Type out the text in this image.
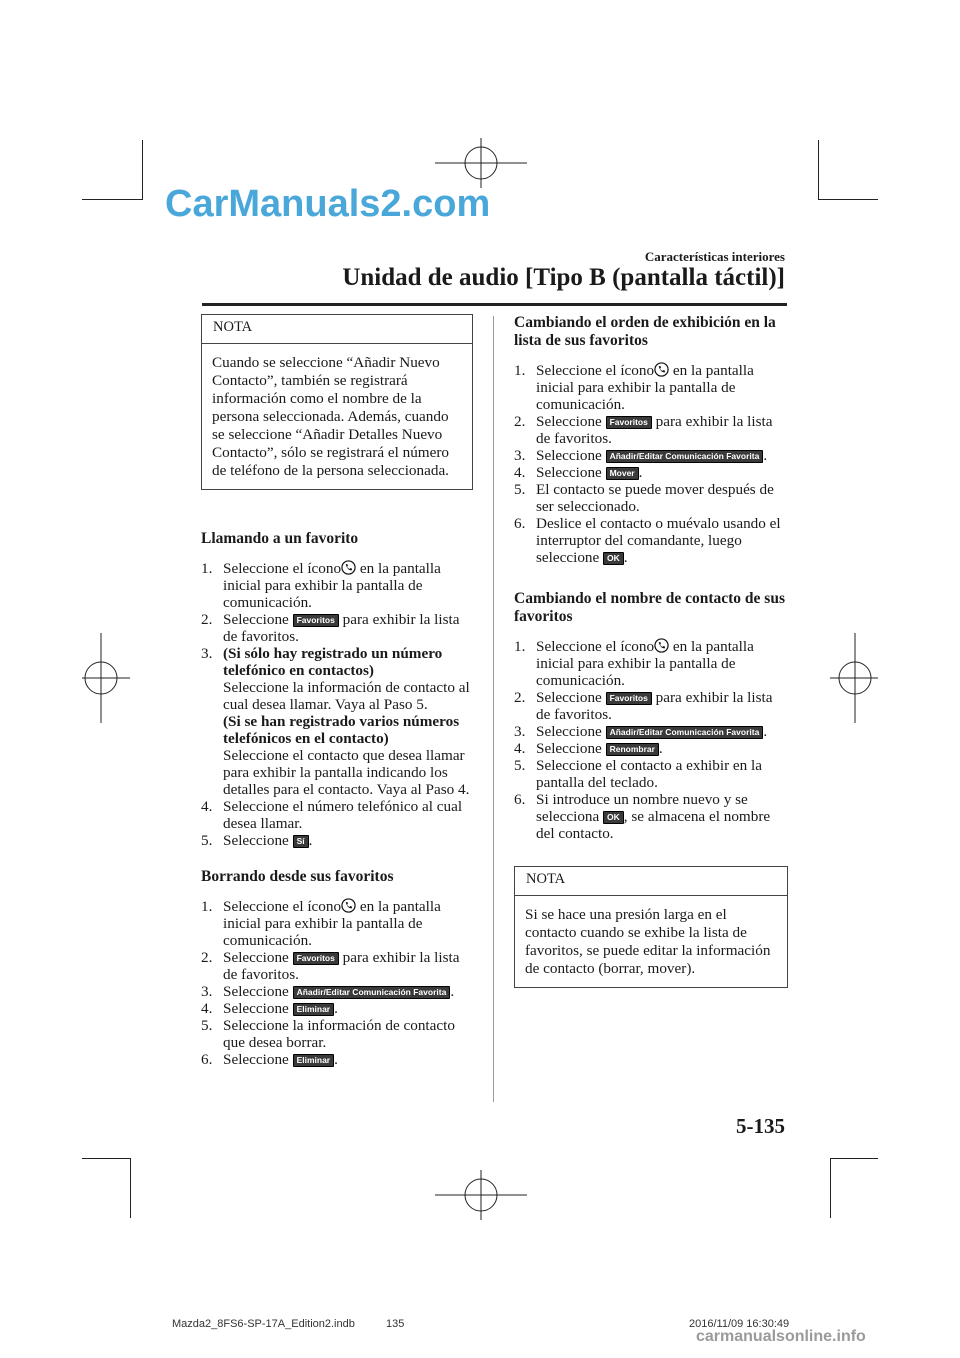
CarManuals2.com
carmanualsonline.info
Características interiores
Unidad de audio [Tipo B (pantalla táctil)]
NOTA
Cuando se seleccione “Añadir Nuevo Contacto”, también se registrará información como el nombre de la persona seleccionada. Además, cuando se seleccione “Añadir Detalles Nuevo Contacto”, sólo se registrará el número de teléfono de la persona seleccionada.
Llamando a un favorito
1. Seleccione el ícono en la pantalla inicial para exhibir la pantalla de comunicación.
2. Seleccione Favoritos para exhibir la lista de favoritos.
3. (Si sólo hay registrado un número telefónico en contactos)
Seleccione la información de contacto al cual desea llamar. Vaya al Paso 5.
(Si se han registrado varios números telefónicos en el contacto)
Seleccione el contacto que desea llamar para exhibir la pantalla indicando los detalles para el contacto. Vaya al Paso 4.
4. Seleccione el número telefónico al cual desea llamar.
5. Seleccione Sí .
Borrando desde sus favoritos
1. Seleccione el ícono en la pantalla inicial para exhibir la pantalla de comunicación.
2. Seleccione Favoritos para exhibir la lista de favoritos.
3. Seleccione Añadir/Editar Comunicación Favorita .
4. Seleccione Eliminar .
5. Seleccione la información de contacto que desea borrar.
6. Seleccione Eliminar .
Cambiando el orden de exhibición en la lista de sus favoritos
1. Seleccione el ícono en la pantalla inicial para exhibir la pantalla de comunicación.
2. Seleccione Favoritos para exhibir la lista de favoritos.
3. Seleccione Añadir/Editar Comunicación Favorita .
4. Seleccione Mover .
5. El contacto se puede mover después de ser seleccionado.
6. Deslice el contacto o muévalo usando el interruptor del comandante, luego seleccione OK .
Cambiando el nombre de contacto de sus favoritos
1. Seleccione el ícono en la pantalla inicial para exhibir la pantalla de comunicación.
2. Seleccione Favoritos para exhibir la lista de favoritos.
3. Seleccione Añadir/Editar Comunicación Favorita .
4. Seleccione Renombrar .
5. Seleccione el contacto a exhibir en la pantalla del teclado.
6. Si introduce un nombre nuevo y se selecciona OK , se almacena el nombre del contacto.
NOTA
Si se hace una presión larga en el contacto cuando se exhibe la lista de favoritos, se puede editar la información de contacto (borrar, mover).
5-135
Mazda2_8FS6-SP-17A_Edition2.indb	135	2016/11/09 16:30:49
